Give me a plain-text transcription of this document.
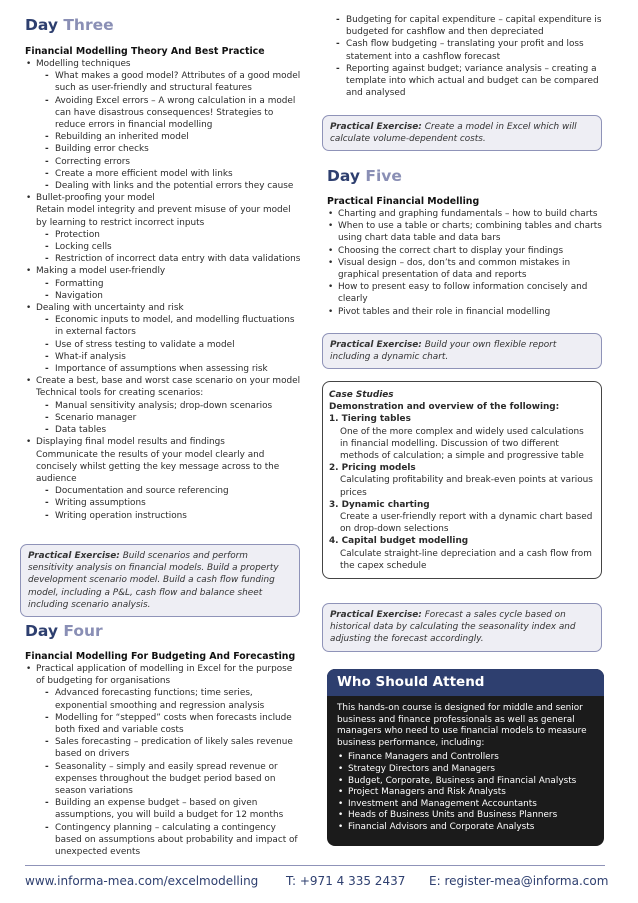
Day Three

Financial Modelling Theory And Best Practice

• Modelling techniques
- What makes a good model? Attributes of a good model such as user-friendly and structural features
- Avoiding Excel errors – A wrong calculation in a model can have disastrous consequences! Strategies to reduce errors in financial modelling
- Rebuilding an inherited model
- Building error checks
- Correcting errors
- Create a more efficient model with links
- Dealing with links and the potential errors they cause
• Bullet-proofing your model
Retain model integrity and prevent misuse of your model by learning to restrict incorrect inputs
- Protection
- Locking cells
- Restriction of incorrect data entry with data validations
• Making a model user-friendly
- Formatting
- Navigation
• Dealing with uncertainty and risk
- Economic inputs to model, and modelling fluctuations in external factors
- Use of stress testing to validate a model
- What-if analysis
- Importance of assumptions when assessing risk
• Create a best, base and worst case scenario on your model
Technical tools for creating scenarios:
- Manual sensitivity analysis; drop-down scenarios
- Scenario manager
- Data tables
• Displaying final model results and findings
Communicate the results of your model clearly and concisely whilst getting the key message across to the audience
- Documentation and source referencing
- Writing assumptions
- Writing operation instructions
Practical Exercise: Build scenarios and perform sensitivity analysis on financial models. Build a property development scenario model. Build a cash flow funding model, including a P&L, cash flow and balance sheet including scenario analysis.
Day Four

Financial Modelling For Budgeting And Forecasting

• Practical application of modelling in Excel for the purpose of budgeting for organisations
- Advanced forecasting functions; time series, exponential smoothing and regression analysis
- Modelling for “stepped” costs when forecasts include both fixed and variable costs
- Sales forecasting – predication of likely sales revenue based on drivers
- Seasonality – simply and easily spread revenue or expenses throughout the budget period based on season variations
- Building an expense budget – based on given assumptions, you will build a budget for 12 months
- Contingency planning – calculating a contingency based on assumptions about probability and impact of unexpected events
- Budgeting for capital expenditure – capital expenditure is budgeted for cashflow and then depreciated
- Cash flow budgeting – translating your profit and loss statement into a cashflow forecast
- Reporting against budget; variance analysis – creating a template into which actual and budget can be compared and analysed
Practical Exercise: Create a model in Excel which will calculate volume-dependent costs.
Day Five

Practical Financial Modelling

• Charting and graphing fundamentals – how to build charts
• When to use a table or charts; combining tables and charts using chart data table and data bars
• Choosing the correct chart to display your findings
• Visual design – dos, don’ts and common mistakes in graphical presentation of data and reports
• How to present easy to follow information concisely and clearly
• Pivot tables and their role in financial modelling
Practical Exercise: Build your own flexible report including a dynamic chart.
Case Studies
Demonstration and overview of the following:
1. Tiering tables
One of the more complex and widely used calculations in financial modelling. Discussion of two different methods of calculation; a simple and progressive table
2. Pricing models
Calculating profitability and break-even points at various prices
3. Dynamic charting
Create a user-friendly report with a dynamic chart based on drop-down selections
4. Capital budget modelling
Calculate straight-line depreciation and a cash flow from the capex schedule
Practical Exercise: Forecast a sales cycle based on historical data by calculating the seasonality index and adjusting the forecast accordingly.
Who Should Attend
This hands-on course is designed for middle and senior business and finance professionals as well as general managers who need to use financial models to measure business performance, including:
• Finance Managers and Controllers
• Strategy Directors and Managers
• Budget, Corporate, Business and Financial Analysts
• Project Managers and Risk Analysts
• Investment and Management Accountants
• Heads of Business Units and Business Planners
• Financial Advisors and Corporate Analysts
www.informa-mea.com/excelmodelling T: +971 4 335 2437 E: register-mea@informa.com
